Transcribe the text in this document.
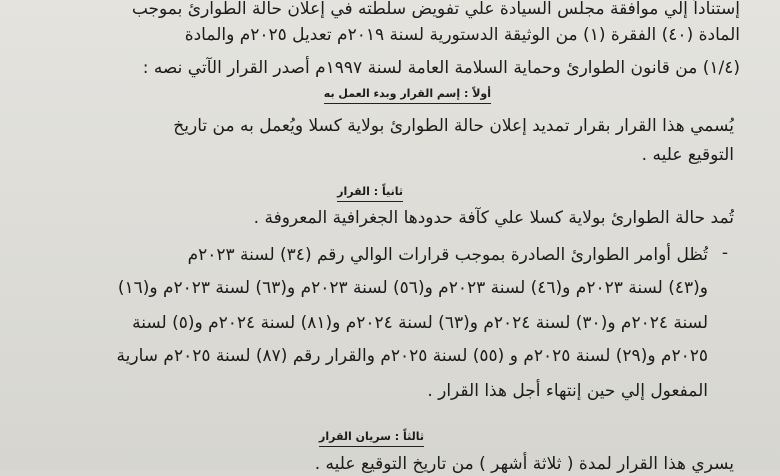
إستناداً إلي موافقة مجلس السيادة علي تفويض سلطته في إعلان حالة الطوارئ بموجب
المادة (٤٠) الفقرة (١) من الوثيقة الدستورية لسنة ٢٠١٩م تعديل ٢٠٢٥م والمادة
(١/٤) من قانون الطوارئ وحماية السلامة العامة لسنة ١٩٩٧م أصدر القرار الآتي نصه :
أولاً : إسم القرار وبدء العمل به
يُسمي هذا القرار بقرار تمديد إعلان حالة الطوارئ بولاية كسلا ويُعمل به من تاريخ
التوقيع عليه .
ثانياً : القرار
تُمد حالة الطوارئ بولاية كسلا علي كآفة حدودها الجغرافية المعروفة .
-
تُظل أوامر الطوارئ الصادرة بموجب قرارات الوالي رقم (٣٤) لسنة ٢٠٢٣م
و(٤٣) لسنة ٢٠٢٣م و(٤٦) لسنة ٢٠٢٣م و(٥٦) لسنة ٢٠٢٣م و(٦٣) لسنة ٢٠٢٣م و(١٦)
لسنة ٢٠٢٤م و(٣٠) لسنة ٢٠٢٤م و(٦٣) لسنة ٢٠٢٤م و(٨١) لسنة ٢٠٢٤م و(٥) لسنة
٢٠٢٥م و(٢٩) لسنة ٢٠٢٥م و (٥٥) لسنة ٢٠٢٥م والقرار رقم (٨٧) لسنة ٢٠٢٥م سارية
المفعول إلي حين إنتهاء أجل هذا القرار .
ثالثاً : سريان القرار
يسري هذا القرار لمدة ( ثلاثة أشهر ) من تاريخ التوقيع عليه .
